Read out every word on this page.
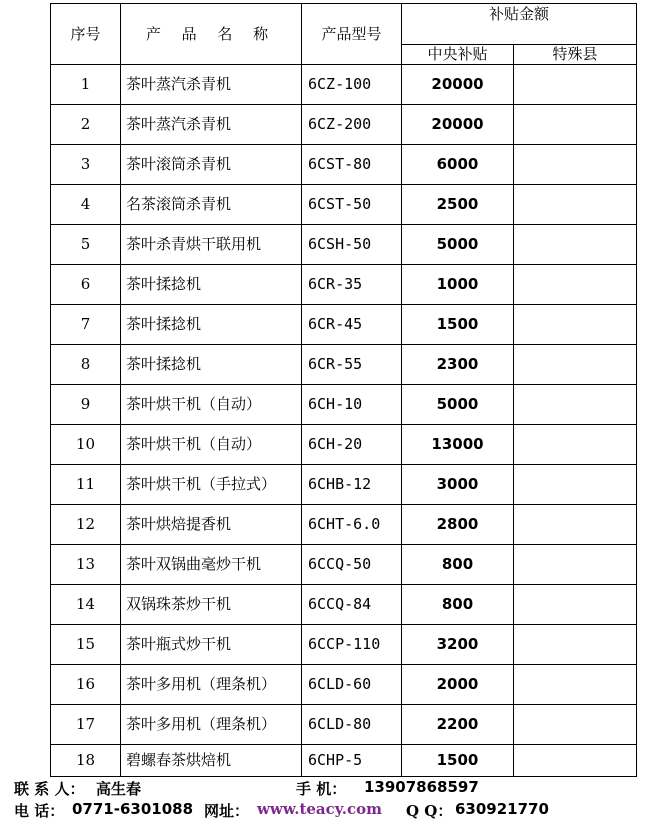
序号	产 品 名 称	产品型号	补贴金额	
			中央补贴	特殊县
1	茶叶蒸汽杀青机	6CZ-100	20000	
2	茶叶蒸汽杀青机	6CZ-200	20000	
3	茶叶滚筒杀青机	6CST-80	6000	
4	名茶滚筒杀青机	6CST-50	2500	
5	茶叶杀青烘干联用机	6CSH-50	5000	
6	茶叶揉捻机	6CR-35	1000	
7	茶叶揉捻机	6CR-45	1500	
8	茶叶揉捻机	6CR-55	2300	
9	茶叶烘干机（自动）	6CH-10	5000	
10	茶叶烘干机（自动）	6CH-20	13000	
11	茶叶烘干机（手拉式）	6CHB-12	3000	
12	茶叶烘焙提香机	6CHT-6.0	2800	
13	茶叶双锅曲毫炒干机	6CCQ-50	800	
14	双锅珠茶炒干机	6CCQ-84	800	
15	茶叶瓶式炒干机	6CCP-110	3200	
16	茶叶多用机（理条机）	6CLD-60	2000	
17	茶叶多用机（理条机）	6CLD-80	2200	
18	碧螺春茶烘焙机	6CHP-5	1500	
联 系 人： 高生春	手 机： 13907868597
电 话： 0771-6301088 网址： www.teacy.com Q Q： 630921770
